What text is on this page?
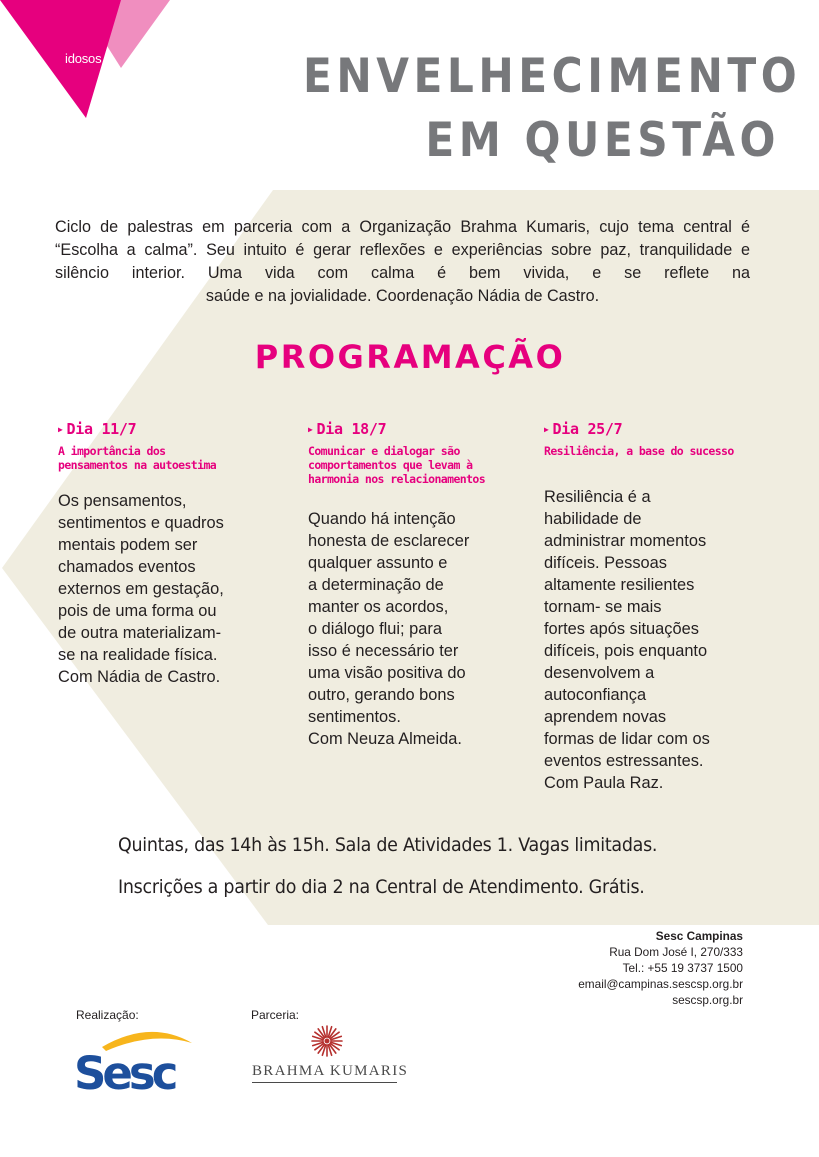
idosos	ENVELHECIMENTO
EM QUESTÃO

Ciclo de palestras em parceria com a Organização Brahma Kumaris, cujo tema central é “Escolha a calma”. Seu intuito é gerar reflexões e experiências sobre paz, tranquilidade e silêncio interior. Uma vida com calma é bem vivida, e se reflete na

saúde e na jovialidade. Coordenação Nádia de Castro.

PROGRAMAÇÃO
▶ Dia 11/7
A importância dos
pensamentos na autoestima
Os pensamentos,
sentimentos e quadros
mentais podem ser
chamados eventos
externos em gestação,
pois de uma forma ou
de outra materializam-
se na realidade física.
Com Nádia de Castro.
▶ Dia 18/7
Comunicar e dialogar são
comportamentos que levam à
harmonia nos relacionamentos
Quando há intenção
honesta de esclarecer
qualquer assunto e
a determinação de
manter os acordos,
o diálogo flui; para
isso é necessário ter
uma visão positiva do
outro, gerando bons
sentimentos.
Com Neuza Almeida.
▶ Dia 25/7
Resiliência, a base do sucesso
Resiliência é a
habilidade de
administrar momentos
difíceis. Pessoas
altamente resilientes
tornam- se mais
fortes após situações
difíceis, pois enquanto
desenvolvem a
autoconfiança
aprendem novas
formas de lidar com os
eventos estressantes.
Com Paula Raz.
Quintas, das 14h às 15h. Sala de Atividades 1. Vagas limitadas.
Inscrições a partir do dia 2 na Central de Atendimento. Grátis.
Sesc Campinas
Rua Dom José I, 270/333
Tel.: +55 19 3737 1500
email@campinas.sescsp.org.br
sescsp.org.br
Realização:	Parceria:
Sesc	BRAHMA KUMARIS
